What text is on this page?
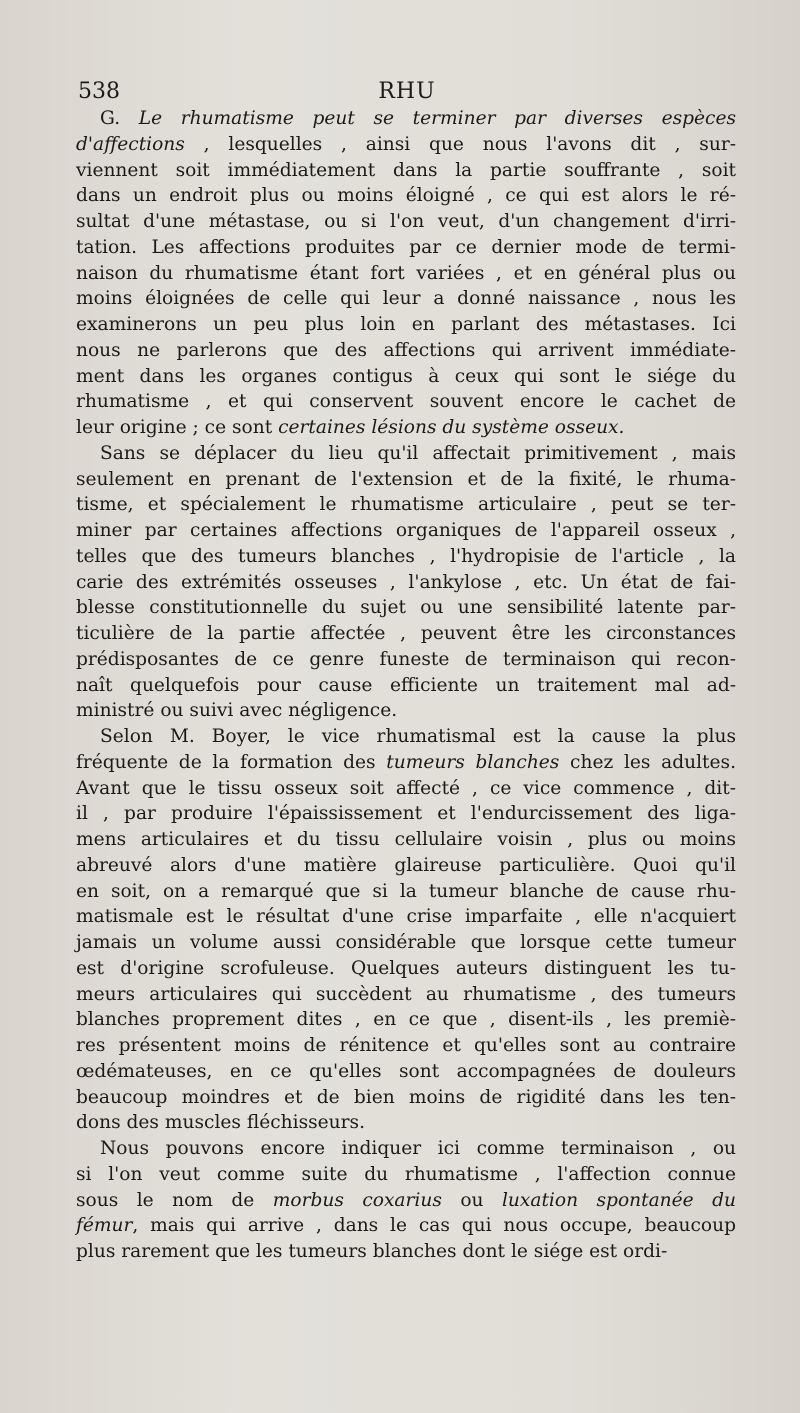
538	RHU

G. Le rhumatisme peut se terminer par diverses espèces
d'affections , lesquelles , ainsi que nous l'avons dit , sur-
viennent soit immédiatement dans la partie souffrante , soit
dans un endroit plus ou moins éloigné , ce qui est alors le ré-
sultat d'une métastase, ou si l'on veut, d'un changement d'irri-
tation. Les affections produites par ce dernier mode de termi-
naison du rhumatisme étant fort variées , et en général plus ou
moins éloignées de celle qui leur a donné naissance , nous les
examinerons un peu plus loin en parlant des métastases. Ici
nous ne parlerons que des affections qui arrivent immédiate-
ment dans les organes contigus à ceux qui sont le siége du
rhumatisme , et qui conservent souvent encore le cachet de
leur origine ; ce sont certaines lésions du système osseux.

Sans se déplacer du lieu qu'il affectait primitivement , mais
seulement en prenant de l'extension et de la fixité, le rhuma-
tisme, et spécialement le rhumatisme articulaire , peut se ter-
miner par certaines affections organiques de l'appareil osseux ,
telles que des tumeurs blanches , l'hydropisie de l'article , la
carie des extrémités osseuses , l'ankylose , etc. Un état de fai-
blesse constitutionnelle du sujet ou une sensibilité latente par-
ticulière de la partie affectée , peuvent être les circonstances
prédisposantes de ce genre funeste de terminaison qui recon-
naît quelquefois pour cause efficiente un traitement mal ad-
ministré ou suivi avec négligence.

Selon M. Boyer, le vice rhumatismal est la cause la plus
fréquente de la formation des tumeurs blanches chez les adultes.
Avant que le tissu osseux soit affecté , ce vice commence , dit-
il , par produire l'épaississement et l'endurcissement des liga-
mens articulaires et du tissu cellulaire voisin , plus ou moins
abreuvé alors d'une matière glaireuse particulière. Quoi qu'il
en soit, on a remarqué que si la tumeur blanche de cause rhu-
matismale est le résultat d'une crise imparfaite , elle n'acquiert
jamais un volume aussi considérable que lorsque cette tumeur
est d'origine scrofuleuse. Quelques auteurs distinguent les tu-
meurs articulaires qui succèdent au rhumatisme , des tumeurs
blanches proprement dites , en ce que , disent-ils , les premiè-
res présentent moins de rénitence et qu'elles sont au contraire
œdémateuses, en ce qu'elles sont accompagnées de douleurs
beaucoup moindres et de bien moins de rigidité dans les ten-
dons des muscles fléchisseurs.

Nous pouvons encore indiquer ici comme terminaison , ou
si l'on veut comme suite du rhumatisme , l'affection connue
sous le nom de morbus coxarius ou luxation spontanée du
fémur, mais qui arrive , dans le cas qui nous occupe, beaucoup
plus rarement que les tumeurs blanches dont le siége est ordi-
